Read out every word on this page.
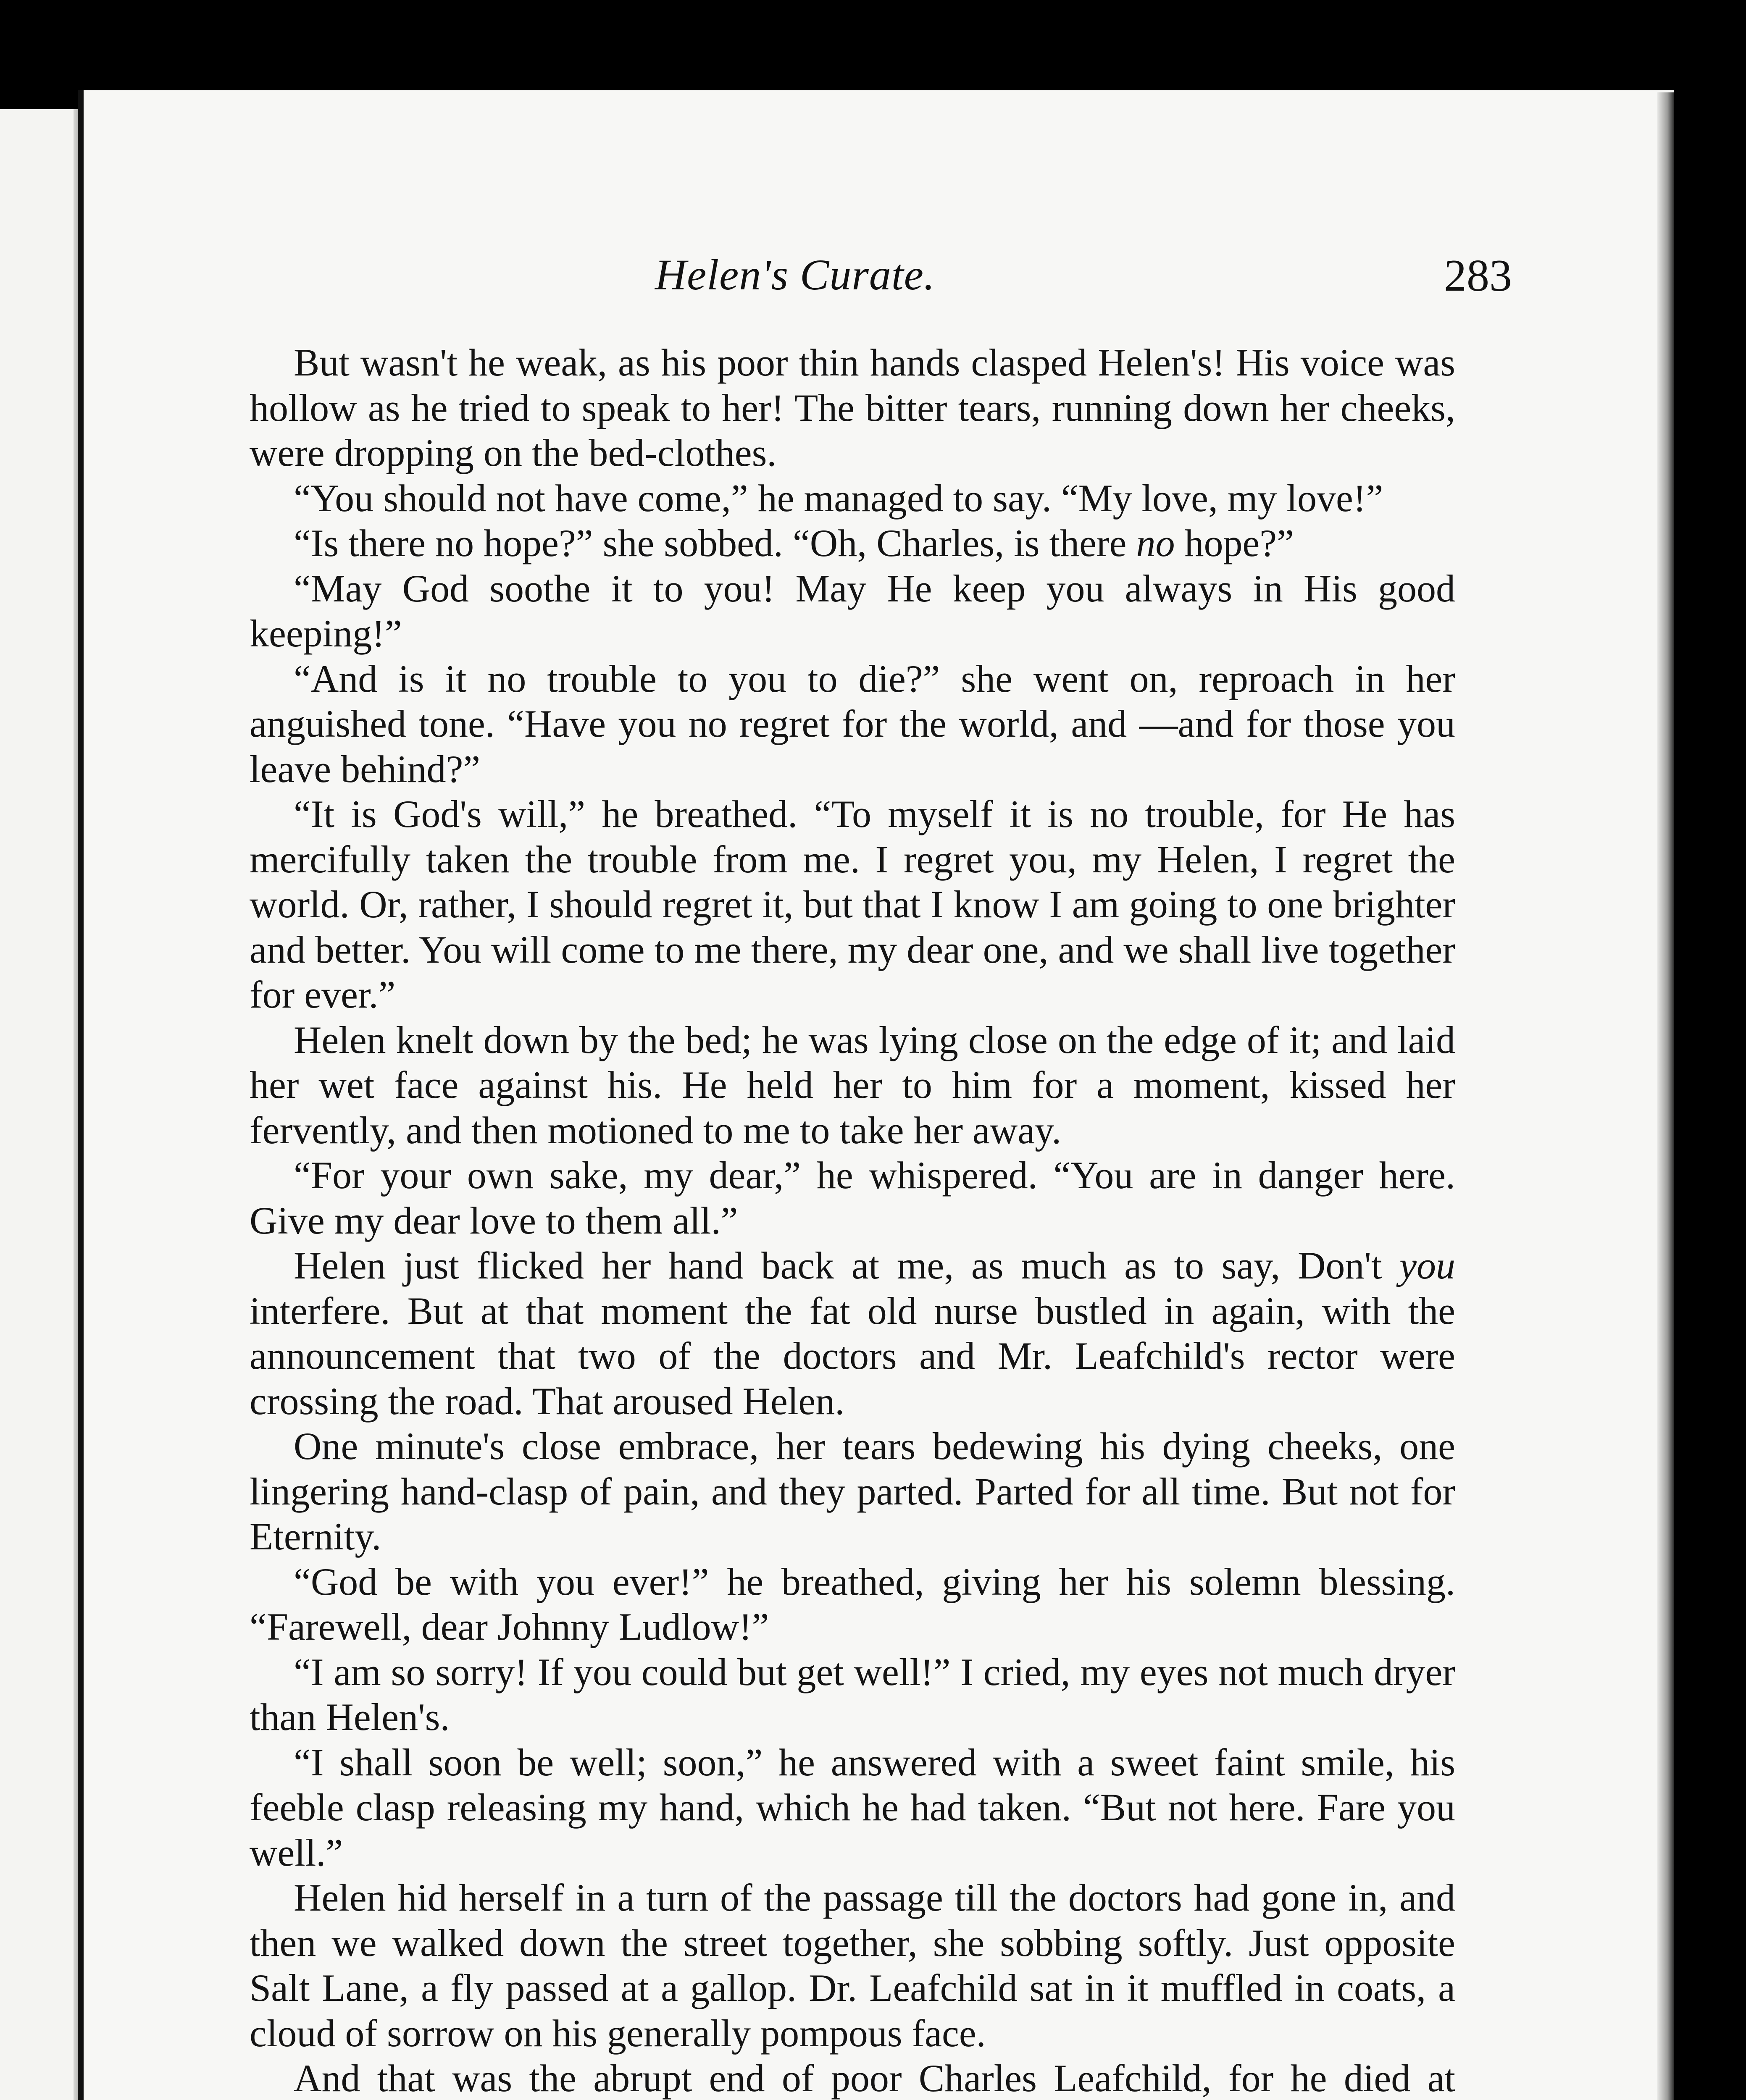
Helen's Curate.	283

But wasn't he weak, as his poor thin hands clasped Helen's! His voice was hollow as he tried to speak to her! The bitter tears, running down her cheeks, were dropping on the bed-clothes.

“You should not have come,” he managed to say. “My love, my love!”

“Is there no hope?” she sobbed. “Oh, Charles, is there no hope?”

“May God soothe it to you! May He keep you always in His good keeping!”

“And is it no trouble to you to die?” she went on, reproach in her anguished tone. “Have you no regret for the world, and —and for those you leave behind?”

“It is God's will,” he breathed. “To myself it is no trouble, for He has mercifully taken the trouble from me. I regret you, my Helen, I regret the world. Or, rather, I should regret it, but that I know I am going to one brighter and better. You will come to me there, my dear one, and we shall live together for ever.”

Helen knelt down by the bed; he was lying close on the edge of it; and laid her wet face against his. He held her to him for a moment, kissed her fervently, and then motioned to me to take her away.

“For your own sake, my dear,” he whispered. “You are in danger here. Give my dear love to them all.”

Helen just flicked her hand back at me, as much as to say, Don't you interfere. But at that moment the fat old nurse bustled in again, with the announcement that two of the doctors and Mr. Leafchild's rector were crossing the road. That aroused Helen.

One minute's close embrace, her tears bedewing his dying cheeks, one lingering hand-clasp of pain, and they parted. Parted for all time. But not for Eternity.

“God be with you ever!” he breathed, giving her his solemn blessing. “Farewell, dear Johnny Ludlow!”

“I am so sorry! If you could but get well!” I cried, my eyes not much dryer than Helen's.

“I shall soon be well; soon,” he answered with a sweet faint smile, his feeble clasp releasing my hand, which he had taken. “But not here. Fare you well.”

Helen hid herself in a turn of the passage till the doctors had gone in, and then we walked down the street together, she sobbing softly. Just opposite Salt Lane, a fly passed at a gallop. Dr. Leafchild sat in it muffled in coats, a cloud of sorrow on his generally pompous face.

And that was the abrupt end of poor Charles Leafchild, for he died at
